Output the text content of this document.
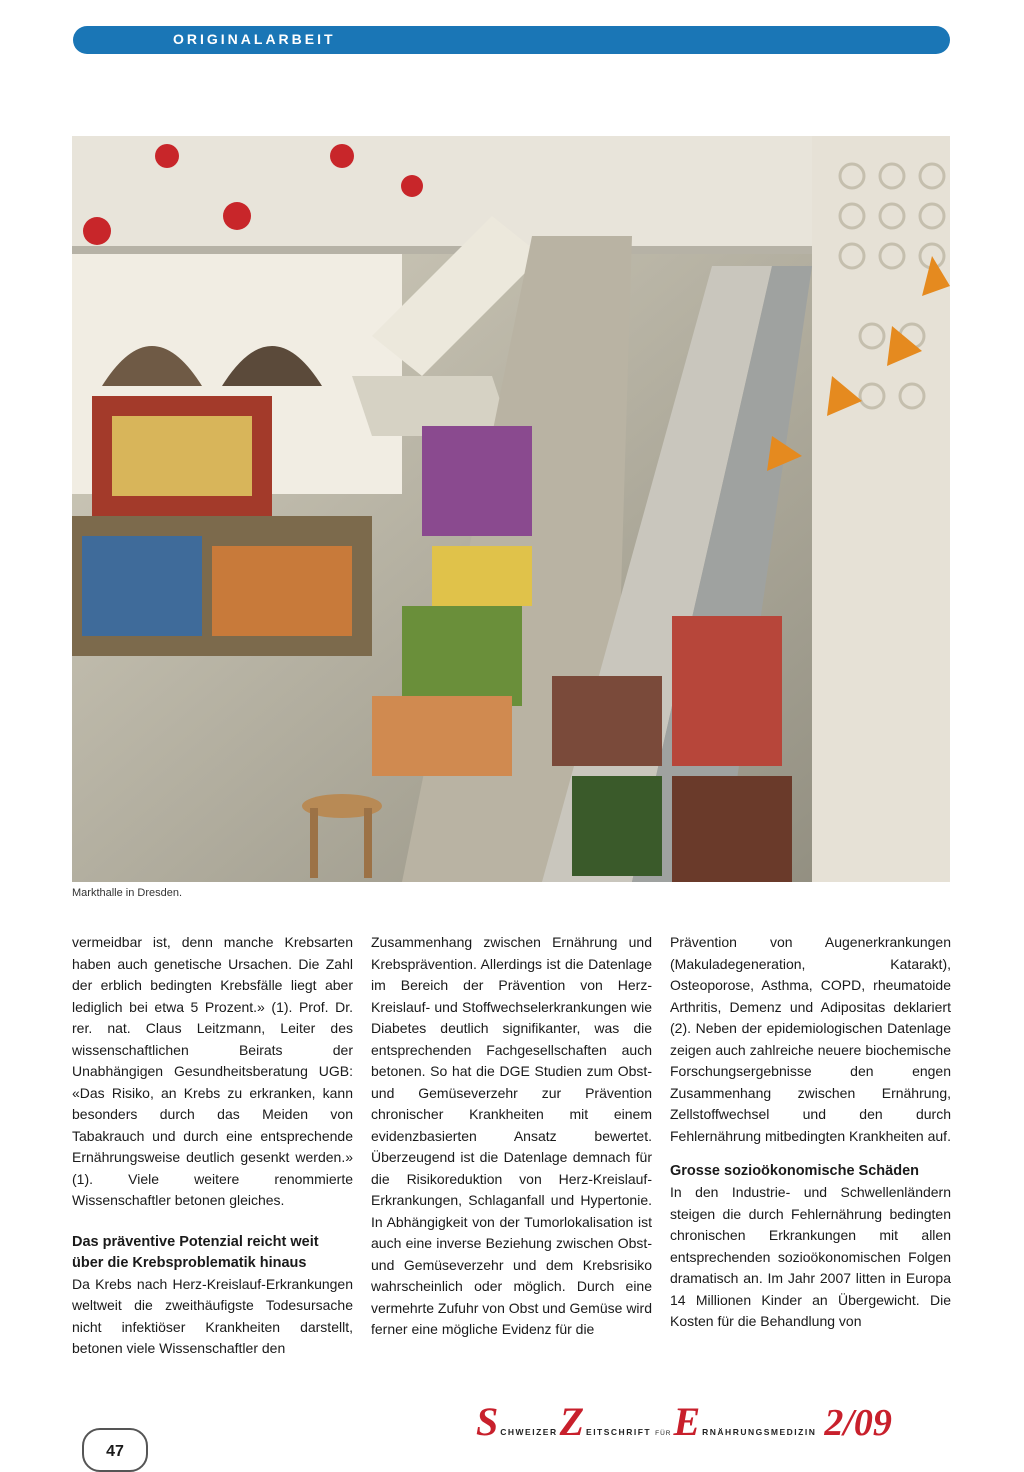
ORIGINALARBEIT
Markthalle in Dresden.

vermeidbar ist, denn manche Krebsarten haben auch genetische Ursachen. Die Zahl der erblich bedingten Krebsfälle liegt aber lediglich bei etwa 5 Prozent.» (1). Prof. Dr. rer. nat. Claus Leitzmann, Leiter des wissenschaftlichen Beirats der Unabhängigen Gesundheitsberatung UGB: «Das Risiko, an Krebs zu erkranken, kann besonders durch das Meiden von Tabakrauch und durch eine entsprechende Ernährungsweise deutlich gesenkt werden.» (1). Viele weitere renommierte Wissenschaftler betonen gleiches.

Das präventive Potenzial reicht weit über die Krebsproblematik hinaus

Da Krebs nach Herz-Kreislauf-Erkrankungen weltweit die zweithäufigste Todesursache nicht infektiöser Krankheiten darstellt, betonen viele Wissenschaftler den

Zusammenhang zwischen Ernährung und Krebsprävention. Allerdings ist die Datenlage im Bereich der Prävention von Herz-Kreislauf- und Stoffwechselerkrankungen wie Diabetes deutlich signifikanter, was die entsprechenden Fachgesellschaften auch betonen. So hat die DGE Studien zum Obst- und Gemüseverzehr zur Prävention chronischer Krankheiten mit einem evidenzbasierten Ansatz bewertet. Überzeugend ist die Datenlage demnach für die Risikoreduktion von Herz-Kreislauf-Erkrankungen, Schlaganfall und Hypertonie. In Abhängigkeit von der Tumorlokalisation ist auch eine inverse Beziehung zwischen Obst- und Gemüseverzehr und dem Krebsrisiko wahrscheinlich oder möglich. Durch eine vermehrte Zufuhr von Obst und Gemüse wird ferner eine mögliche Evidenz für die

Prävention von Augenerkrankungen (Makuladegeneration, Katarakt), Osteoporose, Asthma, COPD, rheumatoide Arthritis, Demenz und Adipositas deklariert (2). Neben der epidemiologischen Datenlage zeigen auch zahlreiche neuere biochemische Forschungsergebnisse den engen Zusammenhang zwischen Ernährung, Zellstoffwechsel und den durch Fehlernährung mitbedingten Krankheiten auf.

Grosse sozioökonomische Schäden

In den Industrie- und Schwellenländern steigen die durch Fehlernährung bedingten chronischen Erkrankungen mit allen entsprechenden sozioökonomischen Folgen dramatisch an. Im Jahr 2007 litten in Europa 14 Millionen Kinder an Übergewicht. Die Kosten für die Behandlung von

47
S CHWEIZER Z EITSCHRIFT FÜR E RNÄHRUNGSMEDIZIN 2/09
